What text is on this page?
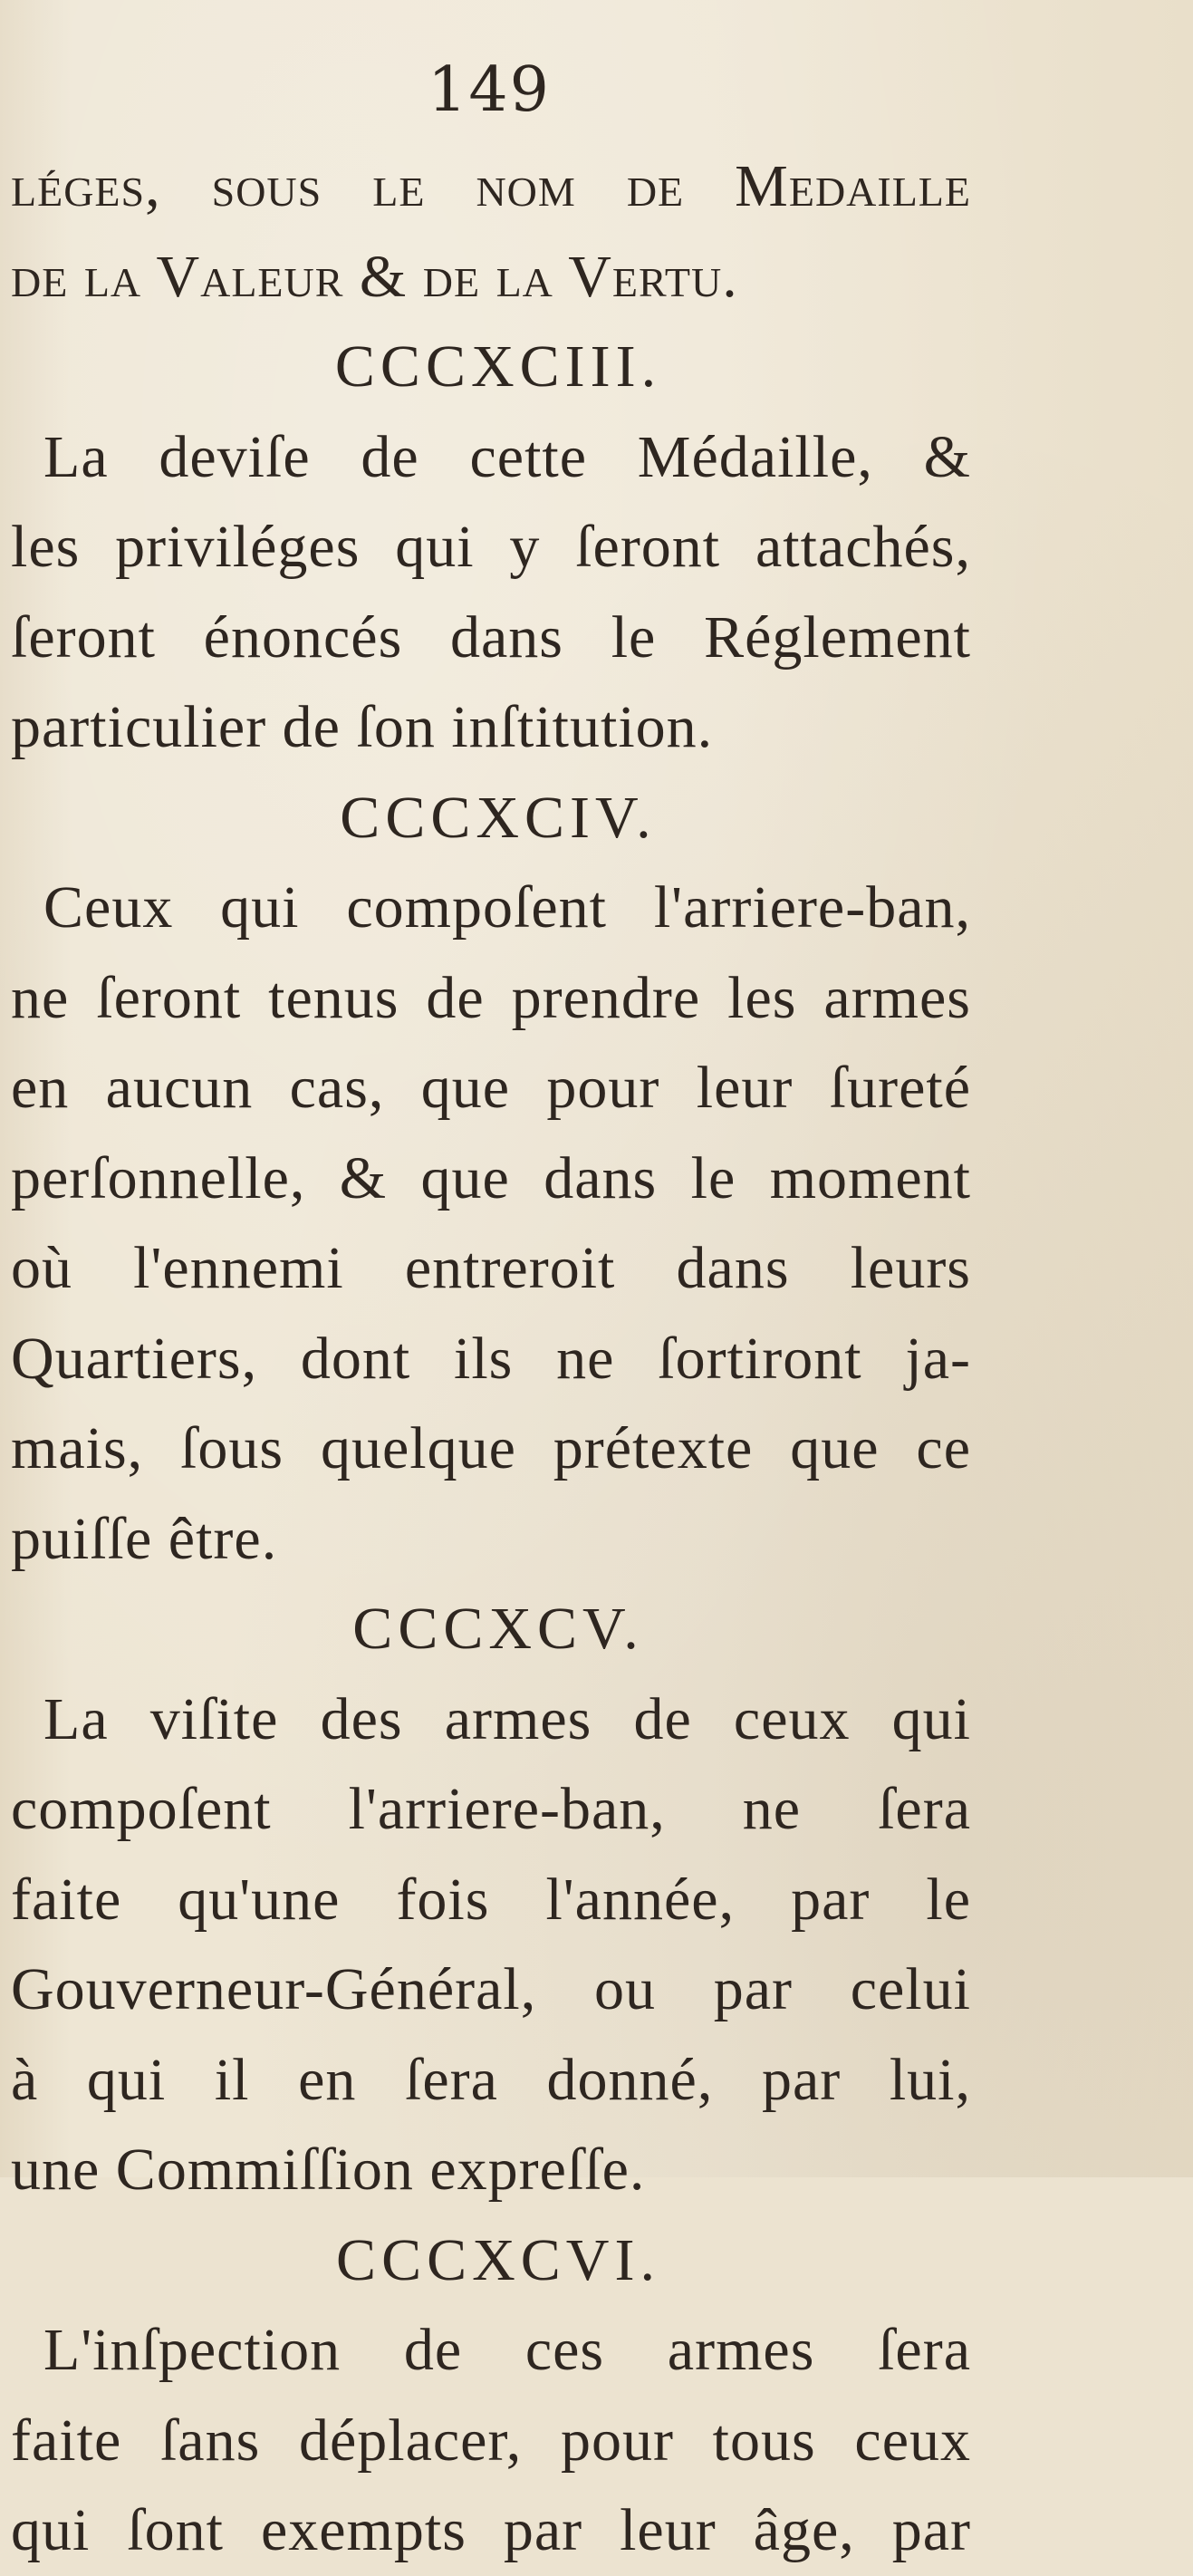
149
léges, ſous le nom de Medaille
de la Valeur & de la Vertu.
CCCXCIII.
La deviſe de cette Médaille, &
les priviléges qui y ſeront attachés,
ſeront énoncés dans le Réglement
particulier de ſon inſtitution.
CCCXCIV.
Ceux qui compoſent l'arriere-ban,
ne ſeront tenus de prendre les armes
en aucun cas, que pour leur ſureté
perſonnelle, & que dans le moment
où l'ennemi entreroit dans leurs
Quartiers, dont ils ne ſortiront ja-
mais, ſous quelque prétexte que ce
puiſſe être.
CCCXCV.
La viſite des armes de ceux qui
compoſent l'arriere-ban, ne ſera
faite qu'une fois l'année, par le
Gouverneur-Général, ou par celui
à qui il en ſera donné, par lui,
une Commiſſion expreſſe.
CCCXCVI.
L'inſpection de ces armes ſera
faite ſans déplacer, pour tous ceux
qui ſont exempts par leur âge, par
